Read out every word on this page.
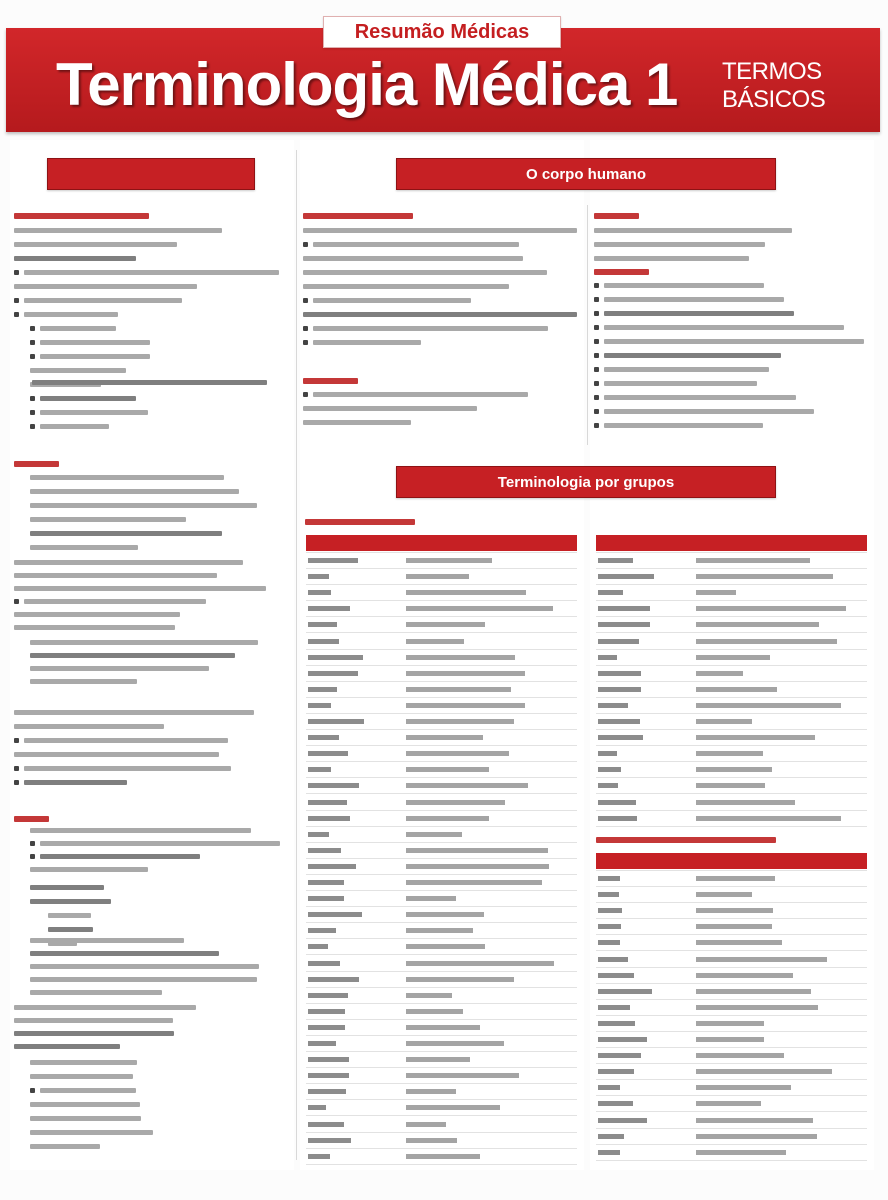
Resumão Médicas
Terminologia Médica 1 TERMOS
BÁSICOS
O corpo humano
Terminologia por grupos
